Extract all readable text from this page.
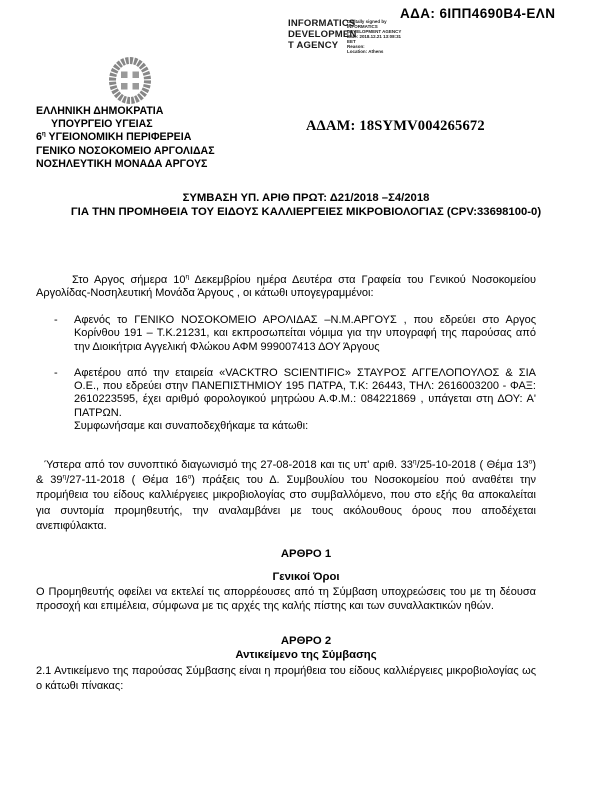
ΑΔΑ: 6ΙΠΠ4690Β4-ΕΛΝ
INFORMATICS
DEVELOPMEN
T AGENCY
Digitally signed by
INFORMATICS
DEVELOPMENT AGENCY
Date: 2018.12.21 13:08:31
EET
Reason:
Location: Athens
ΕΛΛΗΝΙΚΗ ΔΗΜΟΚΡΑΤΙΑ
ΥΠΟΥΡΓΕΙΟ ΥΓΕΙΑΣ
$6^\eta$ ΥΓΕΙΟΝΟΜΙΚΗ ΠΕΡΙΦΕΡΕΙΑ
ΓΕΝΙΚΟ ΝΟΣΟΚΟΜΕΙΟ ΑΡΓΟΛΙΔΑΣ
ΝΟΣΗΛΕΥΤΙΚΗ ΜΟΝΑΔΑ ΑΡΓΟΥΣ
ΑΔΑΜ: 18SYMV004265672
ΣΥΜΒΑΣΗ ΥΠ. ΑΡΙΘ ΠΡΩΤ: Δ21/2018 –Σ4/2018
ΓΙΑ ΤΗΝ ΠΡΟΜΗΘΕΙΑ ΤΟΥ ΕΙΔΟΥΣ ΚΑΛΛΙΕΡΓΕΙΕΣ ΜΙΚΡΟΒΙΟΛΟΓΙΑΣ (CPV:33698100-0)

Στο Αργος σήμερα $10^\eta$ Δεκεμβρίου ημέρα Δευτέρα στα Γραφεία του Γενικού Νοσοκομείου Αργολίδας-Νοσηλευτική Μονάδα Άργους , οι κάτωθι υπογεγραμμένοι:

-	Αφενός το ΓΕΝΙΚΟ ΝΟΣΟΚΟΜΕΙΟ ΑΡΟΛΙΔΑΣ –Ν.Μ.ΑΡΓΟΥΣ , που εδρεύει στο Αργος Κορίνθου 191 – Τ.Κ.21231, και εκπροσωπείται νόμιμα για την υπογραφή της παρούσας από την Διοικήτρια Αγγελική Φλώκου ΑΦΜ 999007413 ΔΟΥ Άργους
-	Αφετέρου από την εταιρεία «VACKTRO SCIENTIFIC» ΣΤΑΥΡΟΣ ΑΓΓΕΛΟΠΟΥΛΟΣ & ΣΙΑ Ο.Ε., που εδρεύει στην ΠΑΝΕΠΙΣΤΗΜΙΟΥ 195 ΠΑΤΡΑ, Τ.Κ: 26443, ΤΗΛ: 2616003200 - ΦΑΞ: 2610223595, έχει αριθμό φορολογικού μητρώου Α.Φ.Μ.: 084221869 , υπάγεται στη ΔΟΥ: Α' ΠΑΤΡΩΝ.
Συμφωνήσαμε και συναποδεχθήκαμε τα κάτωθι:

Ύστερα από τον συνοπτικό διαγωνισμό της 27-08-2018 και τις υπ' αριθ. $33^\eta/25-10-2018$ ( Θέμα $13^o$) & $39^\eta/27-11-2018$ ( Θέμα $16^o$) πράξεις του Δ. Συμβουλίου του Νοσοκομείου πού αναθέτει την προμήθεια του είδους καλλιέργειες μικροβιολογίας στο συμβαλλόμενο, που στο εξής θα αποκαλείται για συντομία προμηθευτής, την αναλαμβάνει με τους ακόλουθους όρους που αποδέχεται ανεπιφύλακτα.

ΑΡΘΡΟ 1
Γενικοί Όροι

Ο Προμηθευτής οφείλει να εκτελεί τις απορρέουσες από τη Σύμβαση υποχρεώσεις του με τη δέουσα προσοχή και επιμέλεια, σύμφωνα με τις αρχές της καλής πίστης και των συναλλακτικών ηθών.

ΑΡΘΡΟ 2
Αντικείμενο της Σύμβασης

2.1 Αντικείμενο της παρούσας Σύμβασης είναι η προμήθεια του είδους καλλιέργειες μικροβιολογίας ως ο κάτωθι πίνακας:
